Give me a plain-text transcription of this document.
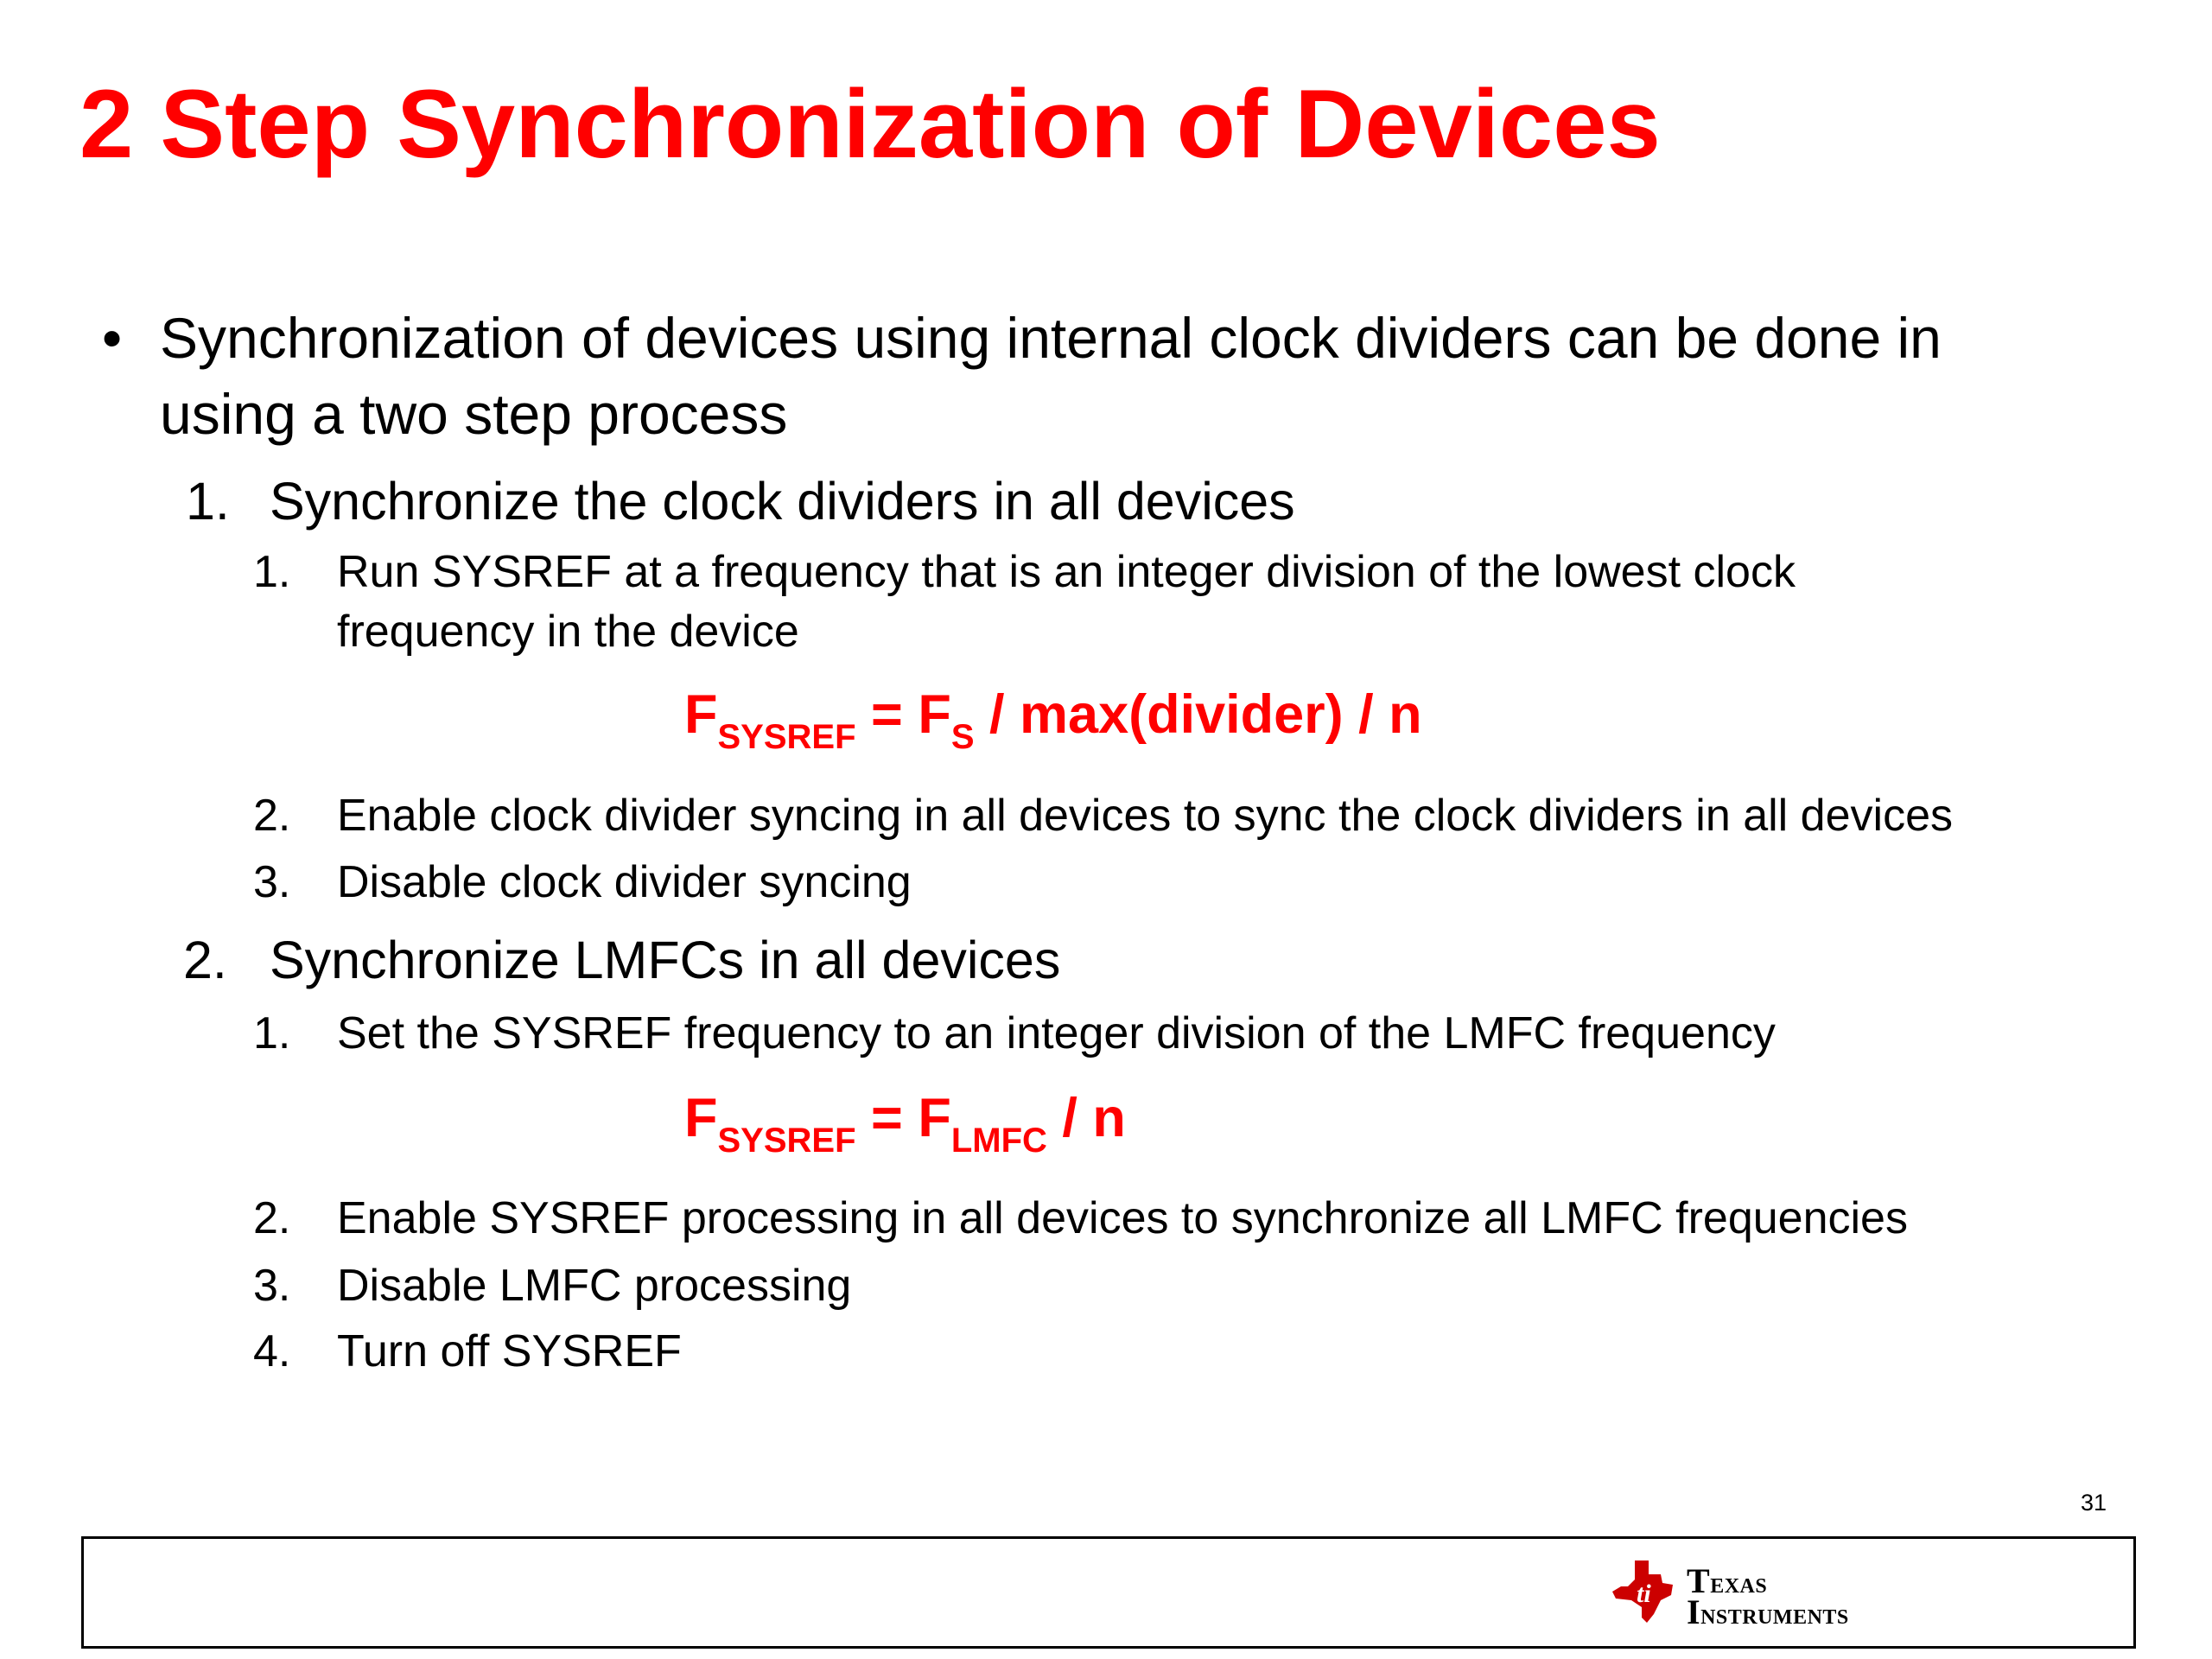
2 Step Synchronization of Devices
• Synchronization of devices using internal clock dividers can be done in
using a two step process
1. Synchronize the clock dividers in all devices
1. Run SYSREF at a frequency that is an integer division of the lowest clock
frequency in the device
$F_{SYSREF} = F_S$ / max(divider) / n
2. Enable clock divider syncing in all devices to sync the clock dividers in all devices
3. Disable clock divider syncing
2. Synchronize LMFCs in all devices
1. Set the SYSREF frequency to an integer division of the LMFC frequency
$F_{SYSREF} = F_{LMFC} / n$
2. Enable SYSREF processing in all devices to synchronize all LMFC frequencies
3. Disable LMFC processing
4. Turn off SYSREF
31
ti Texas
Instruments
